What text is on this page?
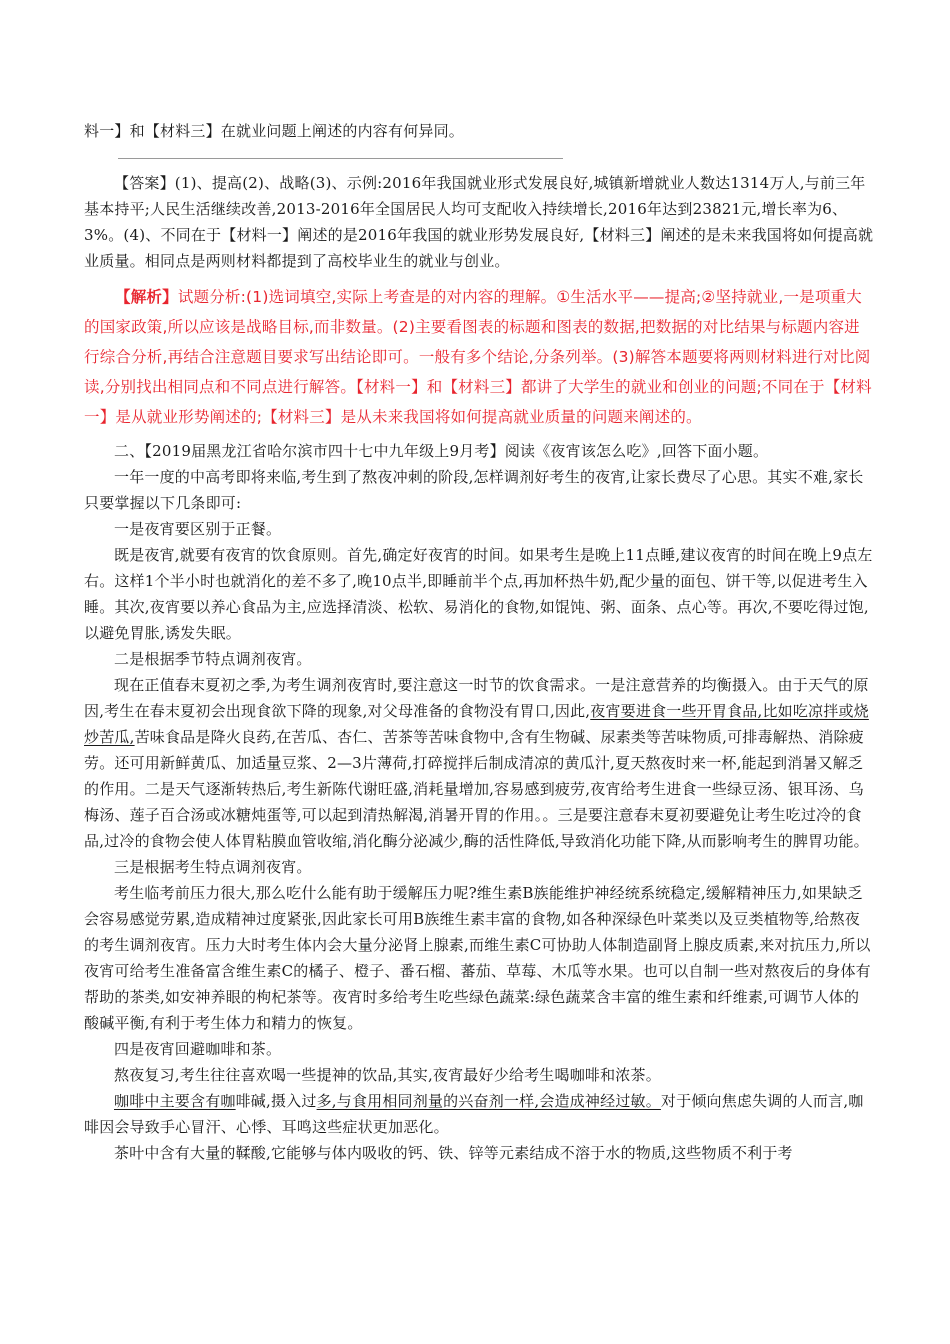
料一】和【材料三】在就业问题上阐述的内容有何异同。

【答案】(1)、提高(2)、战略(3)、示例:2016年我国就业形式发展良好,城镇新增就业人数达1314万人,与前三年基本持平;人民生活继续改善,2013-2016年全国居民人均可支配收入持续增长,2016年达到23821元,增长率为6、3%。(4)、不同在于【材料一】阐述的是2016年我国的就业形势发展良好,【材料三】阐述的是未来我国将如何提高就业质量。相同点是两则材料都提到了高校毕业生的就业与创业。

【解析】试题分析:(1)选词填空,实际上考查是的对内容的理解。①生活水平——提高;②坚持就业,一是项重大的国家政策,所以应该是战略目标,而非数量。(2)主要看图表的标题和图表的数据,把数据的对比结果与标题内容进行综合分析,再结合注意题目要求写出结论即可。一般有多个结论,分条列举。(3)解答本题要将两则材料进行对比阅读,分别找出相同点和不同点进行解答。【材料一】和【材料三】都讲了大学生的就业和创业的问题;不同在于【材料一】是从就业形势阐述的;【材料三】是从未来我国将如何提高就业质量的问题来阐述的。

二、【2019届黑龙江省哈尔滨市四十七中九年级上9月考】阅读《夜宵该怎么吃》,回答下面小题。

一年一度的中高考即将来临,考生到了熬夜冲刺的阶段,怎样调剂好考生的夜宵,让家长费尽了心思。其实不难,家长只要掌握以下几条即可:

一是夜宵要区别于正餐。

既是夜宵,就要有夜宵的饮食原则。首先,确定好夜宵的时间。如果考生是晚上11点睡,建议夜宵的时间在晚上9点左右。这样1个半小时也就消化的差不多了,晚10点半,即睡前半个点,再加杯热牛奶,配少量的面包、饼干等,以促进考生入睡。其次,夜宵要以养心食品为主,应选择清淡、松软、易消化的食物,如馄饨、粥、面条、点心等。再次,不要吃得过饱,以避免胃胀,诱发失眠。

二是根据季节特点调剂夜宵。

现在正值春末夏初之季,为考生调剂夜宵时,要注意这一时节的饮食需求。一是注意营养的均衡摄入。由于天气的原因,考生在春末夏初会出现食欲下降的现象,对父母准备的食物没有胃口,因此,夜宵要进食一些开胃食品,比如吃凉拌或烧炒苦瓜,苦味食品是降火良药,在苦瓜、杏仁、苦茶等苦味食物中,含有生物碱、尿素类等苦味物质,可排毒解热、消除疲劳。还可用新鲜黄瓜、加适量豆浆、2—3片薄荷,打碎搅拌后制成清凉的黄瓜汁,夏天熬夜时来一杯,能起到消暑又解乏的作用。二是天气逐渐转热后,考生新陈代谢旺盛,消耗量增加,容易感到疲劳,夜宵给考生进食一些绿豆汤、银耳汤、乌梅汤、莲子百合汤或冰糖炖蛋等,可以起到清热解渴,消暑开胃的作用。。三是要注意春末夏初要避免让考生吃过冷的食品,过冷的食物会使人体胃粘膜血管收缩,消化酶分泌减少,酶的活性降低,导致消化功能下降,从而影响考生的脾胃功能。

三是根据考生特点调剂夜宵。

考生临考前压力很大,那么吃什么能有助于缓解压力呢?维生素B族能维护神经统系统稳定,缓解精神压力,如果缺乏会容易感觉劳累,造成精神过度紧张,因此家长可用B族维生素丰富的食物,如各种深绿色叶菜类以及豆类植物等,给熬夜的考生调剂夜宵。压力大时考生体内会大量分泌肾上腺素,而维生素C可协助人体制造副肾上腺皮质素,来对抗压力,所以夜宵可给考生准备富含维生素C的橘子、橙子、番石榴、蕃茄、草莓、木瓜等水果。也可以自制一些对熬夜后的身体有帮助的茶类,如安神养眼的枸杞茶等。夜宵时多给考生吃些绿色蔬菜:绿色蔬菜含丰富的维生素和纤维素,可调节人体的酸碱平衡,有利于考生体力和精力的恢复。

四是夜宵回避咖啡和茶。

熬夜复习,考生往往喜欢喝一些提神的饮品,其实,夜宵最好少给考生喝咖啡和浓茶。

咖啡中主要含有咖啡碱,摄入过多,与食用相同剂量的兴奋剂一样,会造成神经过敏。对于倾向焦虑失调的人而言,咖啡因会导致手心冒汗、心悸、耳鸣这些症状更加恶化。

茶叶中含有大量的鞣酸,它能够与体内吸收的钙、铁、锌等元素结成不溶于水的物质,这些物质不利于考
